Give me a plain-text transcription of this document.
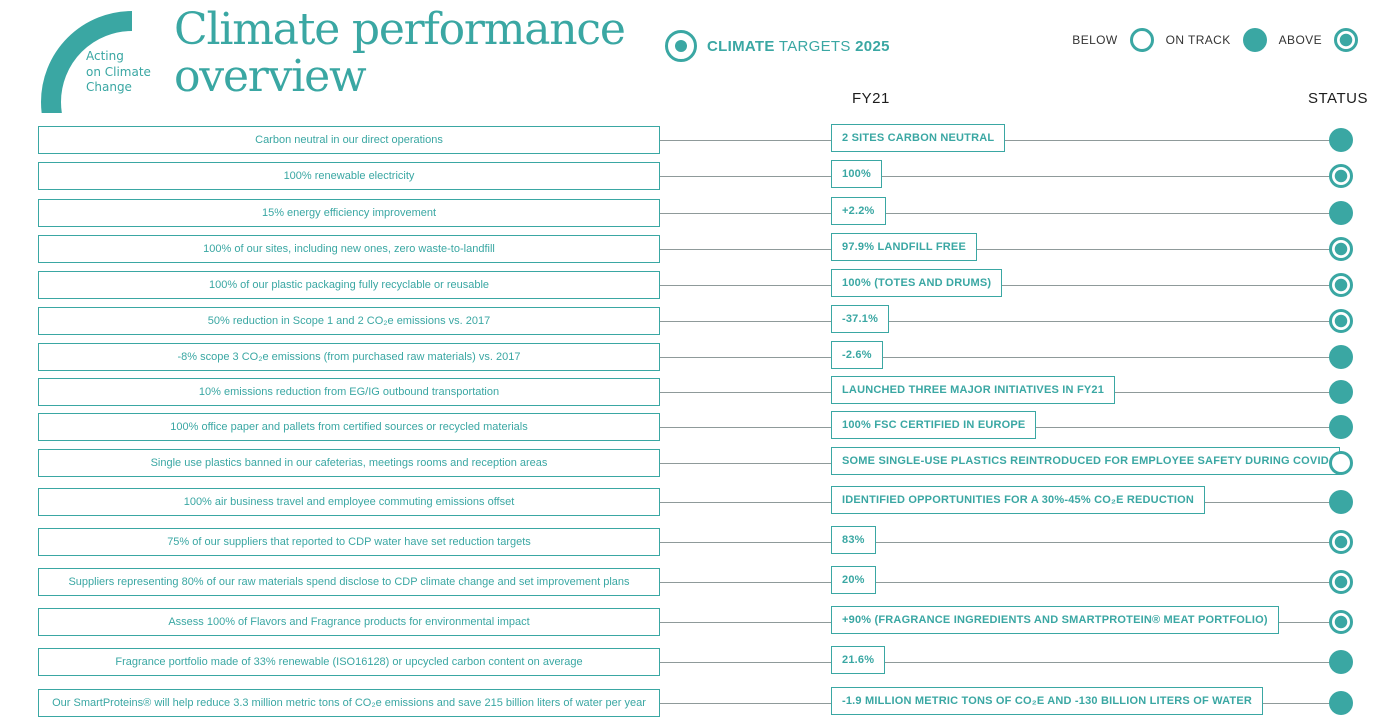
Acting
on Climate
Change
Climate performance
overview
CLIMATE TARGETS 2025	BELOW	ON TRACK	ABOVE
FY21	STATUS
Carbon neutral in our direct operations	2 SITES CARBON NEUTRAL
100% renewable electricity	100%
15% energy efficiency improvement	+2.2%
100% of our sites, including new ones, zero waste-to-landfill	97.9% LANDFILL FREE
100% of our plastic packaging fully recyclable or reusable	100% (TOTES AND DRUMS)
50% reduction in Scope 1 and 2 CO₂e emissions vs. 2017	-37.1%
-8% scope 3 CO₂e emissions (from purchased raw materials) vs. 2017	-2.6%
10% emissions reduction from EG/IG outbound transportation	LAUNCHED THREE MAJOR INITIATIVES IN FY21
100% office paper and pallets from certified sources or recycled materials	100% FSC CERTIFIED IN EUROPE
Single use plastics banned in our cafeterias, meetings rooms and reception areas	SOME SINGLE-USE PLASTICS REINTRODUCED FOR EMPLOYEE SAFETY DURING COVID
100% air business travel and employee commuting emissions offset	IDENTIFIED OPPORTUNITIES FOR A 30%-45% CO₂E REDUCTION
75% of our suppliers that reported to CDP water have set reduction targets	83%
Suppliers representing 80% of our raw materials spend disclose to CDP climate change and set improvement plans	20%
Assess 100% of Flavors and Fragrance products for environmental impact	+90% (FRAGRANCE INGREDIENTS AND SMARTPROTEIN® MEAT PORTFOLIO)
Fragrance portfolio made of 33% renewable (ISO16128) or upcycled carbon content on average	21.6%
Our SmartProteins® will help reduce 3.3 million metric tons of CO₂e emissions and save 215 billion liters of water per year	-1.9 MILLION METRIC TONS OF CO₂E AND -130 BILLION LITERS OF WATER
